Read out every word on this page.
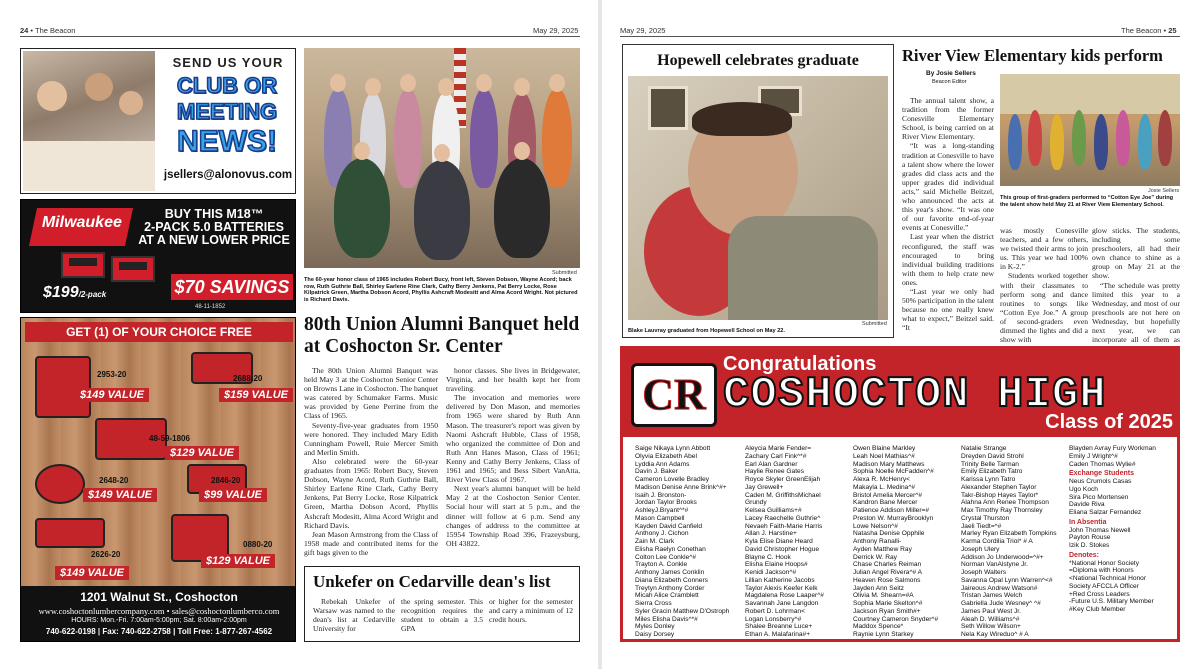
24 • The Beacon	May 29, 2025	May 29, 2025	The Beacon • 25
SEND US YOUR
CLUB OR
MEETING
NEWS!
jsellers@alonovus.com
Milwaukee	BUY THIS M18™
2-PACK 5.0 BATTERIES
AT A NEW LOWER PRICE
$199/2-pack	$70 SAVINGS
48-11-1852
GET (1) OF YOUR CHOICE FREE
2953-20
$149 VALUE
2688-20
$159 VALUE
48-59-1806
$129 VALUE
2648-20
$149 VALUE
2846-20
$99 VALUE
2626-20
$149 VALUE
0880-20
$129 VALUE
1201 Walnut St., Coshocton
www.coshoctonlumbercompany.com • sales@coshoctonlumberco.com
HOURS: Mon.-Fri. 7:00am-5:00pm; Sat. 8:00am-2:00pm
740-622-0198 | Fax: 740-622-2758 | Toll Free: 1-877-267-4562
Submitted
The 60-year honor class of 1965 includes Robert Bucy, front left, Steven Dobson, Wayne Acord; back row, Ruth Guthrie Ball, Shirley Earlene Rine Clark, Cathy Berry Jenkens, Pat Berry Locke, Rose Kilpatrick Green, Martha Dobson Acord, Phyllis Ashcraft Modesitt and Alma Acord Wright. Not pictured is Richard Davis.
80th Union Alumni Banquet held at Coshocton Sr. Center

The 80th Union Alumni Banquet was held May 3 at the Coshocton Senior Center on Browns Lane in Coshocton. The banquet was catered by Schumaker Farms. Music was provided by Gene Perrine from the Class of 1965.

Seventy-five-year graduates from 1950 were honored. They included Mary Edith Cunningham Powell, Ruie Mercer Smith and Merlin Smith.

Also celebrated were the 60-year graduates from 1965: Robert Bucy, Steven Dobson, Wayne Acord, Ruth Guthrie Ball, Shirley Earlene Rine Clark, Cathy Berry Jenkens, Pat Berry Locke, Rose Kilpatrick Green, Martha Dobson Acord, Phyllis Ashcraft Modesitt, Alma Acord Wright and Richard Davis.

Jean Mason Armstrong from the Class of 1958 made and contributed items for the gift bags given to the

honor classes. She lives in Bridgewater, Virginia, and her health kept her from traveling.

The invocation and memories were delivered by Don Mason, and memories from 1965 were shared by Ruth Ann Mason. The treasurer's report was given by Naomi Ashcraft Hubble, Class of 1958, who organized the committee of Don and Ruth Ann Hanes Mason, Class of 1961; Kenny and Cathy Berry Jenkens, Class of 1961 and 1965; and Bess Sibert VanAtta, River View Class of 1967.

Next year's alumni banquet will be held May 2 at the Coshocton Senior Center. Social hour will start at 5 p.m., and the dinner will follow at 6 p.m. Send any changes of address to the committee at 15954 Township Road 396, Frazeysburg, OH 43822.

Unkefer on Cedarville dean's list

Rebekah Unkefer of Warsaw was named to the dean's list at Cedarville University for

the spring semester. This recognition requires the student to obtain a 3.5 GPA

or higher for the semester and carry a minimum of 12 credit hours.

Hopewell celebrates graduate
Submitted
Blake Lauvray graduated from Hopewell School on May 22.
River View Elementary kids perform
By Josie Sellers
Beacon Editor

The annual talent show, a tradition from the former Conesville Elementary School, is being carried on at River View Elementary.

“It was a long-standing tradition at Conesville to have a talent show where the lower grades did class acts and the upper grades did individual acts,” said Michelle Beitzel, who announced the acts at this year's show. “It was one of our favorite end-of-year events at Conesville.”

Last year when the district reconfigured, the staff was encouraged to bring individual building traditions with them to help crate new ones.

“Last year we only had 50% participation in the talent because no one really knew what to expect,” Beitzel said. “It

Josie Sellers
This group of first-graders performed to “Cotton Eye Joe” during the talent show held May 21 at River View Elementary School.

was mostly Conesville teachers, and a few others, we twisted their arms to join us. This year we had 100% in K-2.”

Students worked together with their classmates to perform song and dance routines to songs like “Cotton Eye Joe.” A group of second-graders even dimmed the lights and did a show with

glow sticks. The students, including some preschoolers, all had their own chance to shine as a group on May 21 at the show.

“The schedule was pretty limited this year to a Wednesday, and most of our preschools are not here on Wednesday, but hopefully next year, we can incorporate all of them as

CR
Congratulations
COSHOCTON HIGH
Class of 2025
Saige Nikaya Lynn Abbott
Olyvia Elizabeth Abel
Lyddia Ann Adams
Davin J. Baker
Cameron Lovelle Bradley
Madison Denise Anne Brink^#+
Isaih J. Bronston-
Jordan Taylor Brooks
AshleyJ.Bryant^*#
Mason Campbell
Kayden David Canfield
Anthony J. Cichon
Zain M. Clark
Elisha Raelyn Conethan
Colton Lee Conkle^#
Trayton A. Conkle
Anthony James Conklin
Diana Elizabeth Conners
Treytyn Anthony Corder
Micah Alice Cramblett
Sierra Cross
Syler Gracin Matthew D'Ostroph
Miles Elisha Davis^*#
Myles Donley
Daisy Dorsey
Aleycia Marie Fender=
Zachary Carl Fink^*#
Earl Alan Gardner
Haylie Renee Gates
Royce Skyler GreenElijah
Jay Grewell+
Caden M. GriffithsMichael
Grundy
Kelsea Guilliams+#
Lacey Raechelle Guthrie^
Nevaeh Faith-Marie Harris
Allan J. Harstine+
Kyla Elise Diane Heard
David Christopher Hogue
Blayne C. Hook
Elisha Elaine Hoops#
Kenidi Jackson^#
Lillian Katherine Jacobs
Taylor Alexis Keefer Kelk
Magdalena Rose Laaper^#
Savannah Jane Langdon
Robert D. Lohrman<
Logan Lonsberry^#
Shalee Breanne Luce+
Ethan A. Malafarina#+
Owen Blaine Markley
Leah Noel Mathias^#
Madison Mary Matthews
Sophia Noelle McFadden^#
Alexa R. McHenry<
Makayla L. Medina^#
Bristol Amelia Mercer^#
Kandron Bane Mercer
Patience Addison Miller=#
Preston W. MurrayBrooklyn
Lowe Nelson^#
Natasha Denise Opphile
Anthony Ranalli-
Ayden Matthew Ray
Derrick W. Ray
Chase Charles Reiman
Julian Angel Rivera^# A
Heaven Rose Salmons
Jayden Ann Seitz
Olivia M. Shearn=#A
Sophia Marie Skelton^#
Jackson Ryan Smith#+
Courtney Cameron Snyder^#
Maddox Spence*
Raynie Lynn Starkey
Natalie Strange
Dreyden David Strohl
Trinity Belle Tarman
Emily Elizabeth Tatro
Karissa Lynn Tatro
Alexander Stephen Taylor
Takr-Bishop Hayes Taylor*
Alahna Ann Renee Thompson
Max Timothy Ray Thornsley
Crystal Thurston
Jaeli Tiedt=^#
Marley Ryan Elizabeth Tompkins
Karma Cordilia Triol* # A
Joseph Ulery
Addison Jo Underwood=^#+
Norman VanAlstyne Jr.
Joseph Walters
Savanna Opal Lynn Warren^<#
Jaireous Andrew Watson#
Tristan James Welch
Gabriella Jude Wesney^ ^#
James Paul West Jr.
Aleah D. Williams^#
Seth Willow Wilson+
Nela Kay Wireduo^ # A
Blayden Avray Fury Workman
Emily J Wright^#
Caden Thomas Wylie#
Exchange Students
Neus Crumols Casas
Ugo Koch
Sira Pico Mortensen
Davide Riva
Eliana Salzar Fernandez
In Absentia
John Thomas Newell
Payton Rouse
Izik D. Stokes
Denotes:
*National Honor Society
=Diploma with Honors
<National Technical Honor
Society AFCCLA Officer
+Red Cross Leaders
-Future U.S. Military Member
#Key Club Member
